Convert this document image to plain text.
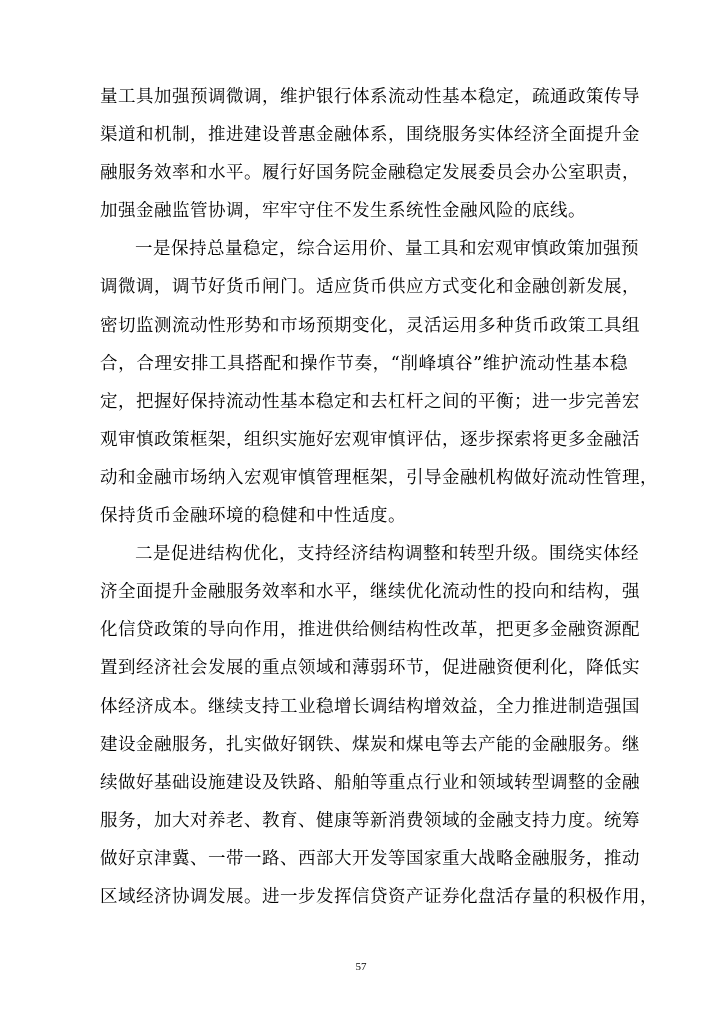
量工具加强预调微调，维护银行体系流动性基本稳定，疏通政策传导
渠道和机制，推进建设普惠金融体系，围绕服务实体经济全面提升金
融服务效率和水平。履行好国务院金融稳定发展委员会办公室职责，
加强金融监管协调，牢牢守住不发生系统性金融风险的底线。
一是保持总量稳定，综合运用价、量工具和宏观审慎政策加强预
调微调，调节好货币闸门。适应货币供应方式变化和金融创新发展，
密切监测流动性形势和市场预期变化，灵活运用多种货币政策工具组
合，合理安排工具搭配和操作节奏，“削峰填谷”维护流动性基本稳
定，把握好保持流动性基本稳定和去杠杆之间的平衡；进一步完善宏
观审慎政策框架，组织实施好宏观审慎评估，逐步探索将更多金融活
动和金融市场纳入宏观审慎管理框架，引导金融机构做好流动性管理，
保持货币金融环境的稳健和中性适度。
二是促进结构优化，支持经济结构调整和转型升级。围绕实体经
济全面提升金融服务效率和水平，继续优化流动性的投向和结构，强
化信贷政策的导向作用，推进供给侧结构性改革，把更多金融资源配
置到经济社会发展的重点领域和薄弱环节，促进融资便利化，降低实
体经济成本。继续支持工业稳增长调结构增效益，全力推进制造强国
建设金融服务，扎实做好钢铁、煤炭和煤电等去产能的金融服务。继
续做好基础设施建设及铁路、船舶等重点行业和领域转型调整的金融
服务，加大对养老、教育、健康等新消费领域的金融支持力度。统筹
做好京津冀、一带一路、西部大开发等国家重大战略金融服务，推动
区域经济协调发展。进一步发挥信贷资产证券化盘活存量的积极作用，
57
